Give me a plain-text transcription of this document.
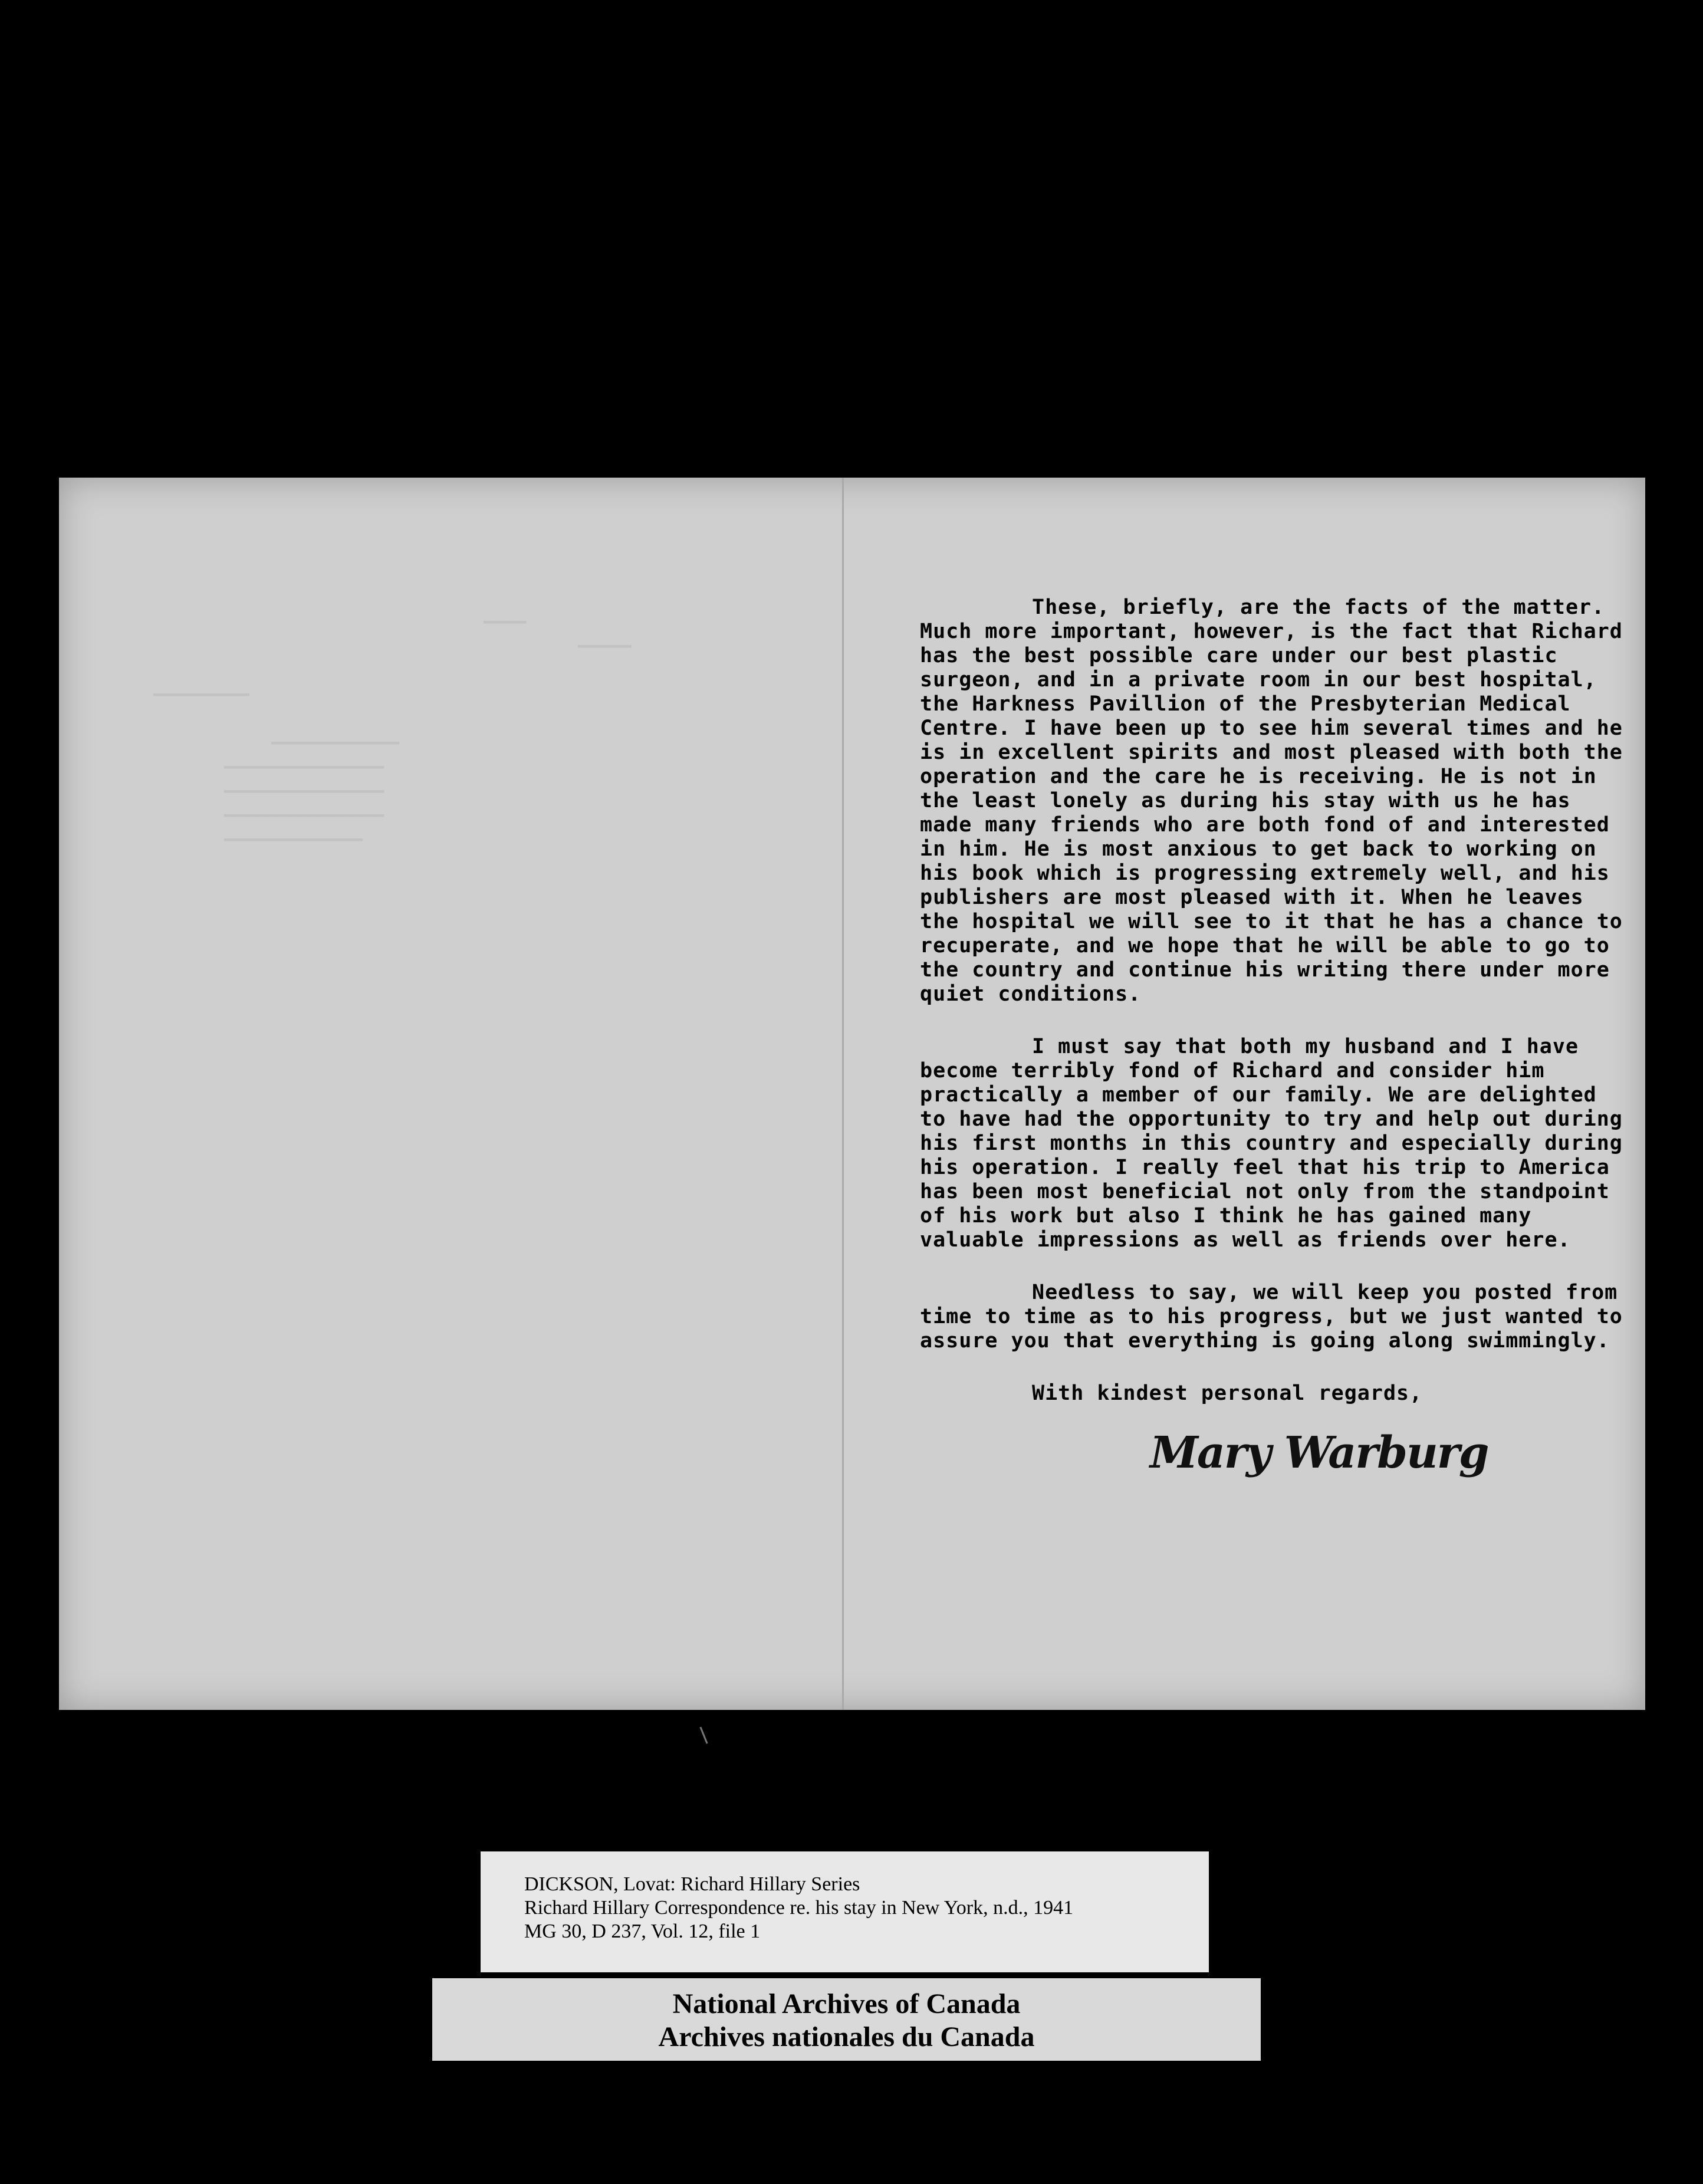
▔▔▔▔
▔▔▔▔▔

▔▔▔▔▔▔▔▔▔

▔▔▔▔▔▔▔▔▔▔▔▔
▔▔▔▔▔▔▔▔▔▔▔▔▔▔▔
▔▔▔▔▔▔▔▔▔▔▔▔▔▔▔
▔▔▔▔▔▔▔▔▔▔▔▔▔▔▔
▔▔▔▔▔▔▔▔▔▔▔▔▔

These, briefly, are the facts of the matter. Much more important, however, is the fact that Richard has the best possible care under our best plastic surgeon, and in a private room in our best hospital, the Harkness Pavillion of the Presbyterian Medical Centre. I have been up to see him several times and he is in excellent spirits and most pleased with both the operation and the care he is receiving. He is not in the least lonely as during his stay with us he has made many friends who are both fond of and interested in him. He is most anxious to get back to working on his book which is progressing extremely well, and his publishers are most pleased with it. When he leaves the hospital we will see to it that he has a chance to recuperate, and we hope that he will be able to go to the country and continue his writing there under more quiet conditions.

I must say that both my husband and I have become terribly fond of Richard and consider him practically a member of our family. We are delighted to have had the opportunity to try and help out during his first months in this country and especially during his operation. I really feel that his trip to America has been most beneficial not only from the standpoint of his work but also I think he has gained many valuable impressions as well as friends over here.

Needless to say, we will keep you posted from time to time as to his progress, but we just wanted to assure you that everything is going along swimmingly.

With kindest personal regards,

Mary Warburg
DICKSON, Lovat: Richard Hillary Series
Richard Hillary Correspondence re. his stay in New York, n.d., 1941
MG 30, D 237, Vol. 12, file 1
National Archives of Canada
Archives nationales du Canada
